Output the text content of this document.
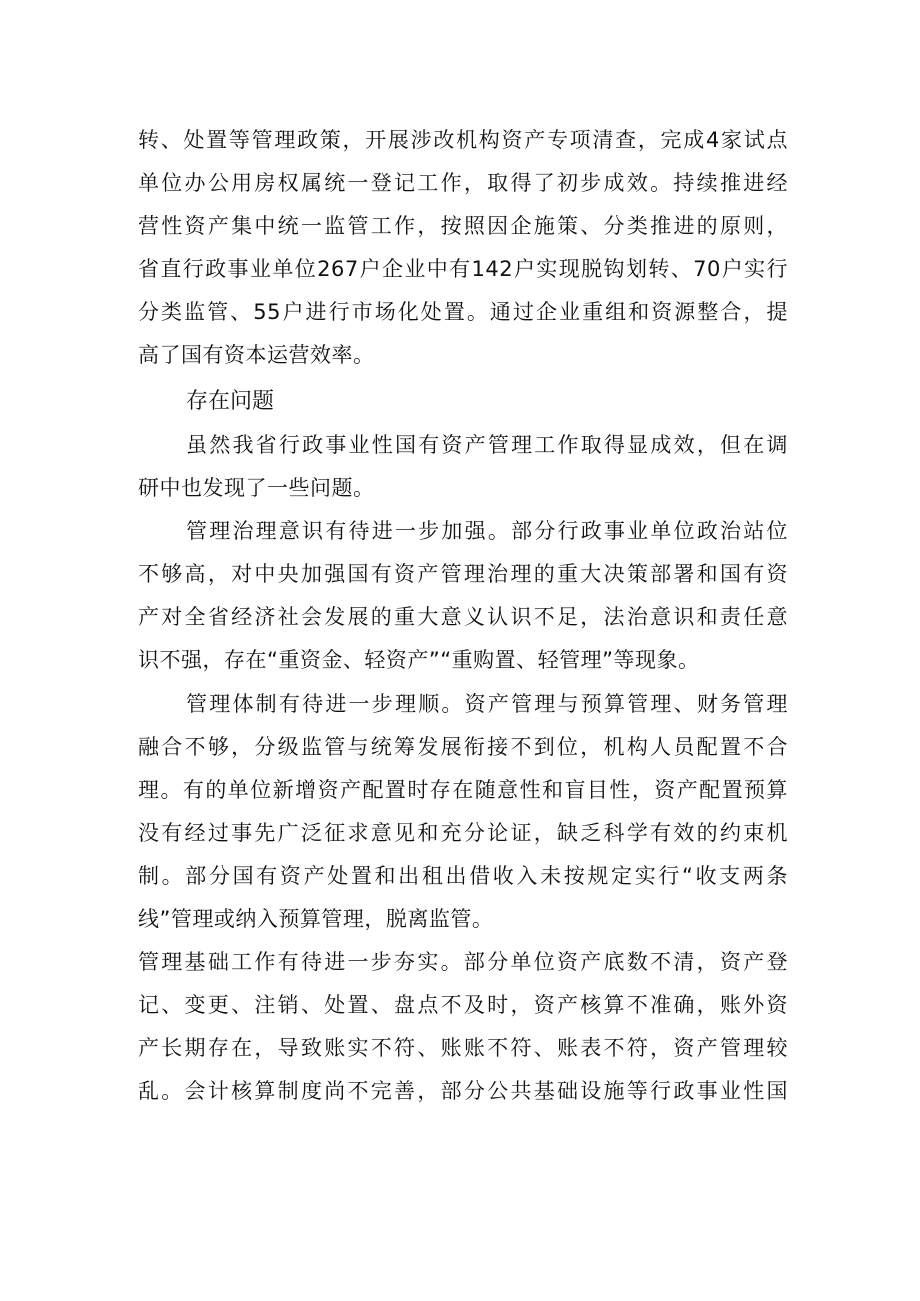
转、处置等管理政策，开展涉改机构资产专项清查，完成4家试点
单位办公用房权属统一登记工作，取得了初步成效。持续推进经
营性资产集中统一监管工作，按照因企施策、分类推进的原则，
省直行政事业单位267户企业中有142户实现脱钩划转、70户实行
分类监管、55户进行市场化处置。通过企业重组和资源整合，提
高了国有资本运营效率。
存在问题
虽然我省行政事业性国有资产管理工作取得显成效，但在调
研中也发现了一些问题。
管理治理意识有待进一步加强。部分行政事业单位政治站位
不够高，对中央加强国有资产管理治理的重大决策部署和国有资
产对全省经济社会发展的重大意义认识不足，法治意识和责任意
识不强，存在“重资金、轻资产”“重购置、轻管理”等现象。
管理体制有待进一步理顺。资产管理与预算管理、财务管理
融合不够，分级监管与统筹发展衔接不到位，机构人员配置不合
理。有的单位新增资产配置时存在随意性和盲目性，资产配置预算
没有经过事先广泛征求意见和充分论证，缺乏科学有效的约束机
制。部分国有资产处置和出租出借收入未按规定实行“收支两条
线”管理或纳入预算管理，脱离监管。
管理基础工作有待进一步夯实。部分单位资产底数不清，资产登
记、变更、注销、处置、盘点不及时，资产核算不准确，账外资
产长期存在，导致账实不符、账账不符、账表不符，资产管理较
乱。会计核算制度尚不完善，部分公共基础设施等行政事业性国
